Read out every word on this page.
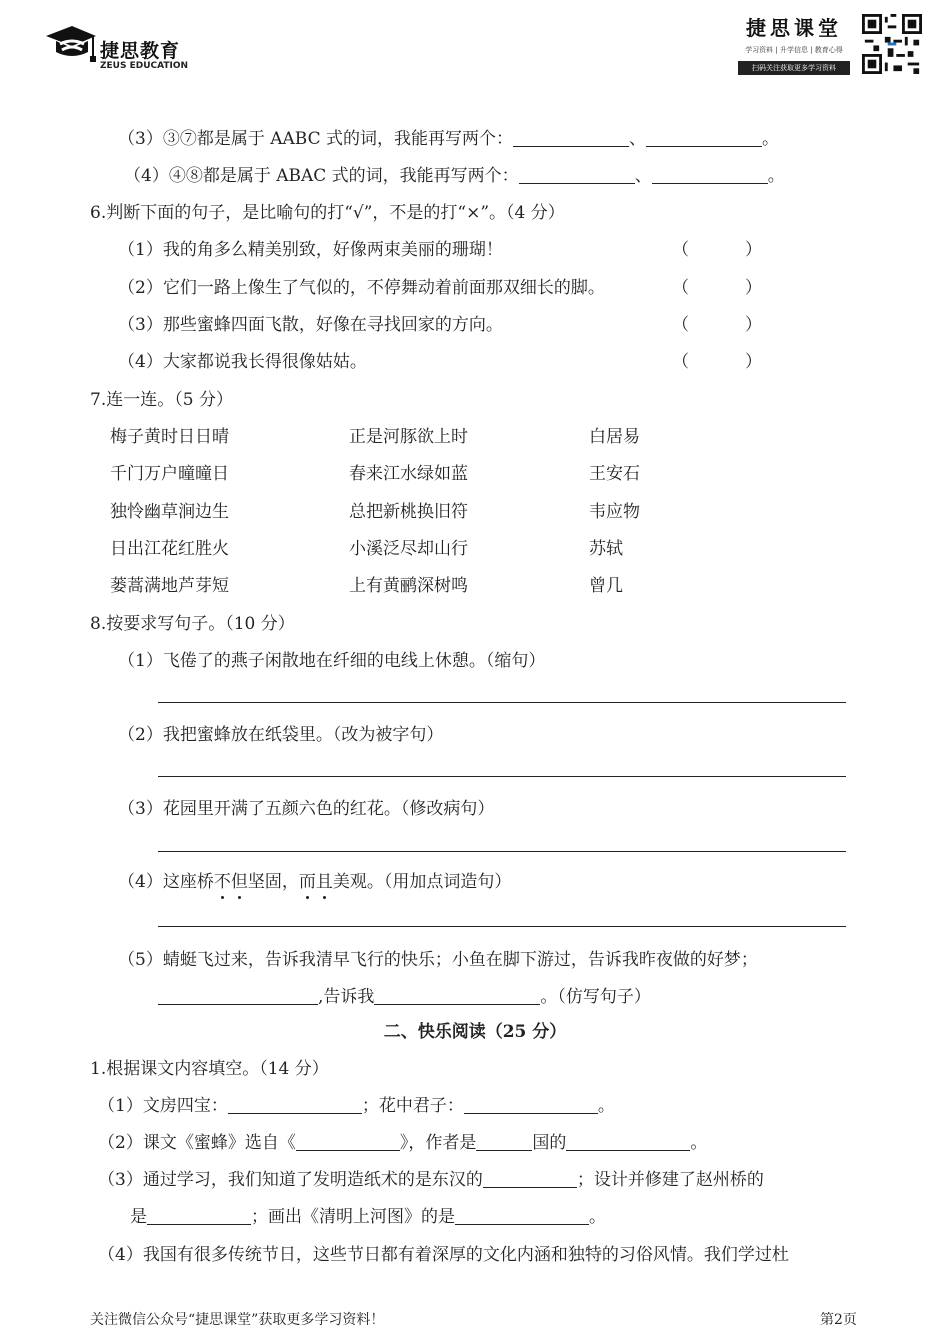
捷思教育
ZEUS EDUCATION
捷思课堂
学习资料 | 升学信息 | 教育心得
扫码关注获取更多学习资料
（3）③⑦都是属于 AABC 式的词，我能再写两个：	、	。
（4）④⑧都是属于 ABAC 式的词，我能再写两个：	、	。
6.判断下面的句子，是比喻句的打“√”，不是的打“×”。（4 分）
（1）我的角多么精美别致，好像两束美丽的珊瑚！	（	）
（2）它们一路上像生了气似的，不停舞动着前面那双细长的脚。	（	）
（3）那些蜜蜂四面飞散，好像在寻找回家的方向。	（	）
（4）大家都说我长得很像姑姑。	（	）
7.连一连。（5 分）
梅子黄时日日晴	正是河豚欲上时	白居易
千门万户曈曈日	春来江水绿如蓝	王安石
独怜幽草涧边生	总把新桃换旧符	韦应物
日出江花红胜火	小溪泛尽却山行	苏轼
蒌蒿满地芦芽短	上有黄鹂深树鸣	曾几
8.按要求写句子。（10 分）
（1）飞倦了的燕子闲散地在纤细的电线上休憩。（缩句）
（2）我把蜜蜂放在纸袋里。（改为被字句）
（3）花园里开满了五颜六色的红花。（修改病句）
（4）这座桥不但坚固，而且美观。（用加点词造句）
（5）蜻蜓飞过来，告诉我清早飞行的快乐；小鱼在脚下游过，告诉我昨夜做的好梦；
,告诉我	。（仿写句子）
二、快乐阅读（25 分）
1.根据课文内容填空。（14 分）
（1）文房四宝：	；花中君子：	。
（2）课文《蜜蜂》选自《	》，作者是	国的	。
（3）通过学习，我们知道了发明造纸术的是东汉的	；设计并修建了赵州桥的
是	；画出《清明上河图》的是	。
（4）我国有很多传统节日，这些节日都有着深厚的文化内涵和独特的习俗风情。我们学过杜
关注微信公众号“捷思课堂”获取更多学习资料！	第2页
